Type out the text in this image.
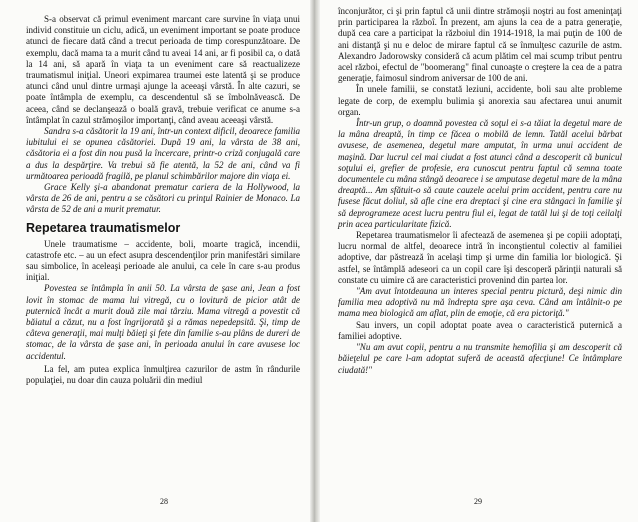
S-a observat că primul eveniment marcant care survine în viaţa unui individ constituie un ciclu, adică, un eveniment important se poate produce atunci de fiecare dată când a trecut perioada de timp corespunzătoare. De exemplu, dacă mama ta a murit când tu aveai 14 ani, ar fi posibil ca, o dată la 14 ani, să apară în viaţa ta un eveniment care să reactualizeze traumatismul iniţial. Uneori expimarea traumei este latentă şi se produce atunci când unul dintre urmaşi ajunge la aceeaşi vârstă. În alte cazuri, se poate întâmpla de exemplu, ca descendentul să se îmbolnăvească. De aceea, când se declanşează o boală gravă, trebuie verificat ce anume s-a întâmplat în cazul strămoşilor importanţi, când aveau aceeaşi vârstă.

Sandra s-a căsătorit la 19 ani, într-un context dificil, deoarece familia iubitului ei se opunea căsătoriei. După 19 ani, la vârsta de 38 ani, căsătoria ei a fost din nou pusă la încercare, printr-o criză conjugală care a dus la despărţire. Va trebui să fie atentă, la 52 de ani, când va fi următoarea perioadă fragilă, pe planul schimbărilor majore din viaţa ei.

Grace Kelly şi-a abandonat prematur cariera de la Hollywood, la vârsta de 26 de ani, pentru a se căsători cu prinţul Rainier de Monaco. La vârsta de 52 de ani a murit prematur.

Repetarea traumatismelor

Unele traumatisme – accidente, boli, moarte tragică, incendii, catastrofe etc. – au un efect asupra descendenţilor prin manifestări similare sau simbolice, în aceleaşi perioade ale anului, ca cele în care s-au produs iniţial.

Povestea se întâmpla în anii 50. La vârsta de şase ani, Jean a fost lovit în stomac de mama lui vitregă, cu o lovitură de picior atât de puternică încât a murit două zile mai târziu. Mama vitregă a povestit că băiatul a căzut, nu a fost îngrijorată şi a rămas nepedepsită. Şi, timp de câteva generaţii, mai mulţi băieţi şi fete din familie s-au plâns de dureri de stomac, de la vârsta de şase ani, în perioada anului în care avusese loc accidentul.

La fel, am putea explica înmulţirea cazurilor de astm în rândurile populaţiei, nu doar din cauza poluării din mediul

28

înconjurător, ci şi prin faptul că unii dintre strămoşii noştri au fost ameninţaţi prin participarea la războî. În prezent, am ajuns la cea de a patra generaţie, după cea care a participat la războiul din 1914-1918, la mai puţin de 100 de ani distanţă şi nu e deloc de mirare faptul că se înmulţesc cazurile de astm. Alexandro Jadorowsky consideră că acum plătim cel mai scump tribut pentru acel război, efectul de "boomerang" final cunoaşte o creştere la cea de a patra generaţie, faimosul sindrom aniversar de 100 de ani.

În unele familii, se constată leziuni, accidente, boli sau alte probleme legate de corp, de exemplu bulimia şi anorexia sau afectarea unui anumit organ.

Într-un grup, o doamnă povestea că soţul ei s-a tăiat la degetul mare de la mâna dreaptă, în timp ce făcea o mobilă de lemn. Tatăl acelui bărbat avusese, de asemenea, degetul mare amputat, în urma unui accident de maşină. Dar lucrul cel mai ciudat a fost atunci când a descoperit că bunicul soţului ei, grefier de profesie, era cunoscut pentru faptul că semna toate documentele cu mâna stângă deoarece i se amputase degetul mare de la mâna dreaptă... Am sfătuit-o să caute cauzele acelui prim accident, pentru care nu fusese făcut doliul, să afle cine era dreptaci şi cine era stângaci în familie şi să deprogrameze acest lucru pentru fiul ei, legat de tatăl lui şi de toţi ceilalţi prin acea particularitate fizică.

Repetarea traumatismelor îi afectează de asemenea şi pe copiii adoptaţi, lucru normal de altfel, deoarece intră în inconştientul colectiv al familiei adoptive, dar păstrează în acelaşi timp şi urme din familia lor biologică. Şi astfel, se întâmplă adeseori ca un copil care îşi descoperă părinţii naturali să constate cu uimire că are caracteristici provenind din partea lor.

"Am avut întotdeauna un interes special pentru pictură, deşi nimic din familia mea adoptivă nu mă îndrepta spre aşa ceva. Când am întâlnit-o pe mama mea biologică am aflat, plin de emoţie, că era pictoriţă."

Sau invers, un copil adoptat poate avea o caracteristică puternică a familiei adoptive.

"Nu am avut copii, pentru a nu transmite hemofilia şi am descoperit că băieţelul pe care l-am adoptat suferă de această afecţiune! Ce întâmplare ciudată!"

29
